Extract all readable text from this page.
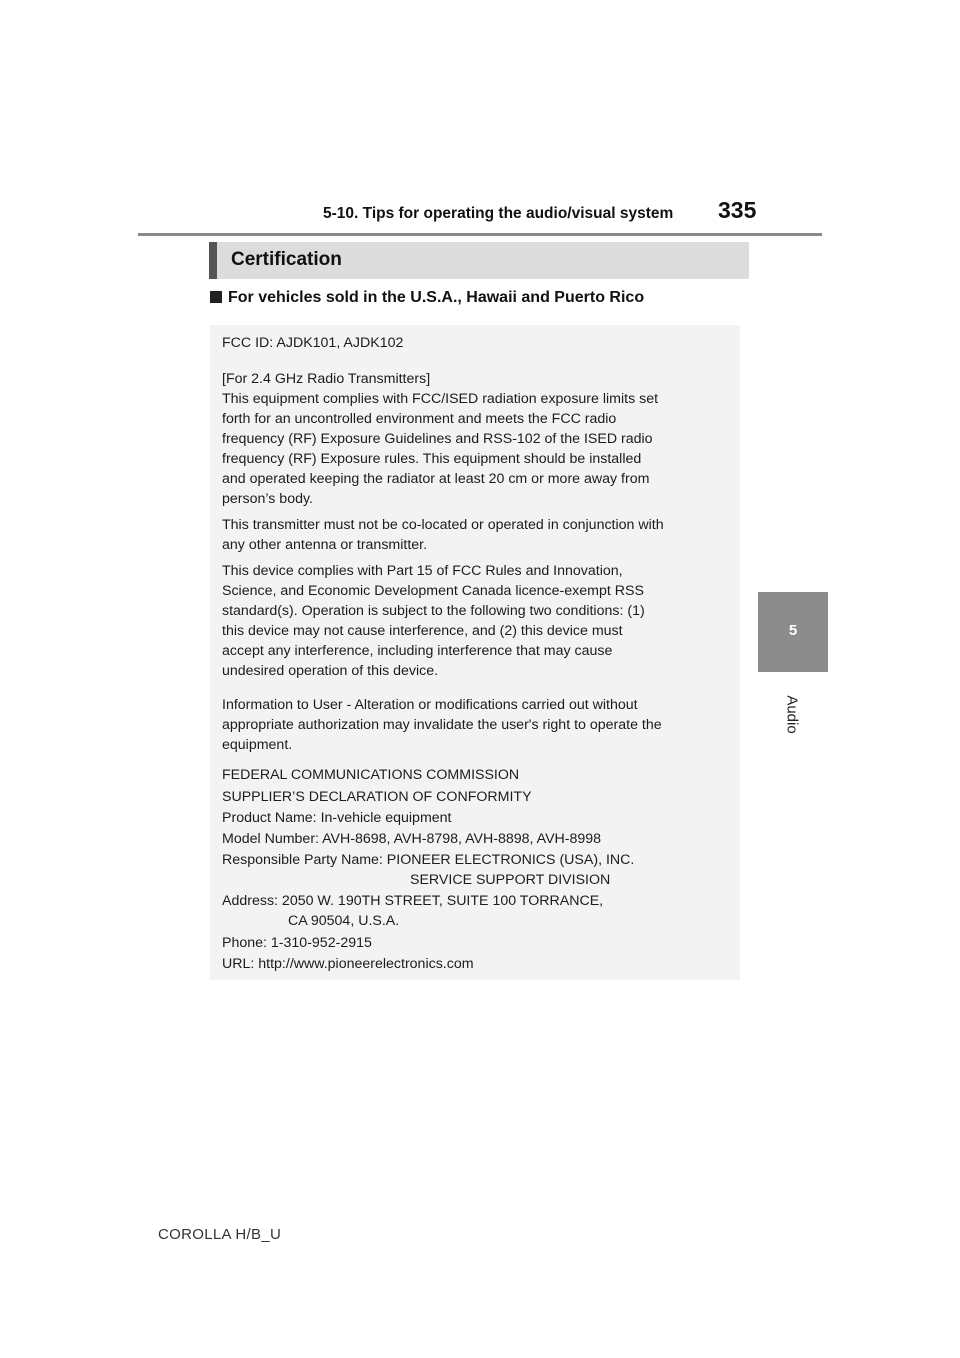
5-10. Tips for operating the audio/visual system 335
Certification
For vehicles sold in the U.S.A., Hawaii and Puerto Rico
FCC ID: AJDK101, AJDK102
[For 2.4 GHz Radio Transmitters]
This equipment complies with FCC/ISED radiation exposure limits set
forth for an uncontrolled environment and meets the FCC radio
frequency (RF) Exposure Guidelines and RSS-102 of the ISED radio
frequency (RF) Exposure rules. This equipment should be installed
and operated keeping the radiator at least 20 cm or more away from
person’s body.
This transmitter must not be co-located or operated in conjunction with
any other antenna or transmitter.
This device complies with Part 15 of FCC Rules and Innovation,
Science, and Economic Development Canada licence-exempt RSS
standard(s). Operation is subject to the following two conditions: (1)
this device may not cause interference, and (2) this device must
accept any interference, including interference that may cause
undesired operation of this device.
Information to User - Alteration or modifications carried out without
appropriate authorization may invalidate the user's right to operate the
equipment.
FEDERAL COMMUNICATIONS COMMISSION
SUPPLIER’S DECLARATION OF CONFORMITY
Product Name: In-vehicle equipment
Model Number: AVH-8698, AVH-8798, AVH-8898, AVH-8998
Responsible Party Name: PIONEER ELECTRONICS (USA), INC.
SERVICE SUPPORT DIVISION
Address: 2050 W. 190TH STREET, SUITE 100 TORRANCE,
CA 90504, U.S.A.
Phone: 1-310-952-2915
URL: http://www.pioneerelectronics.com
5
Audio
COROLLA H/B_U
